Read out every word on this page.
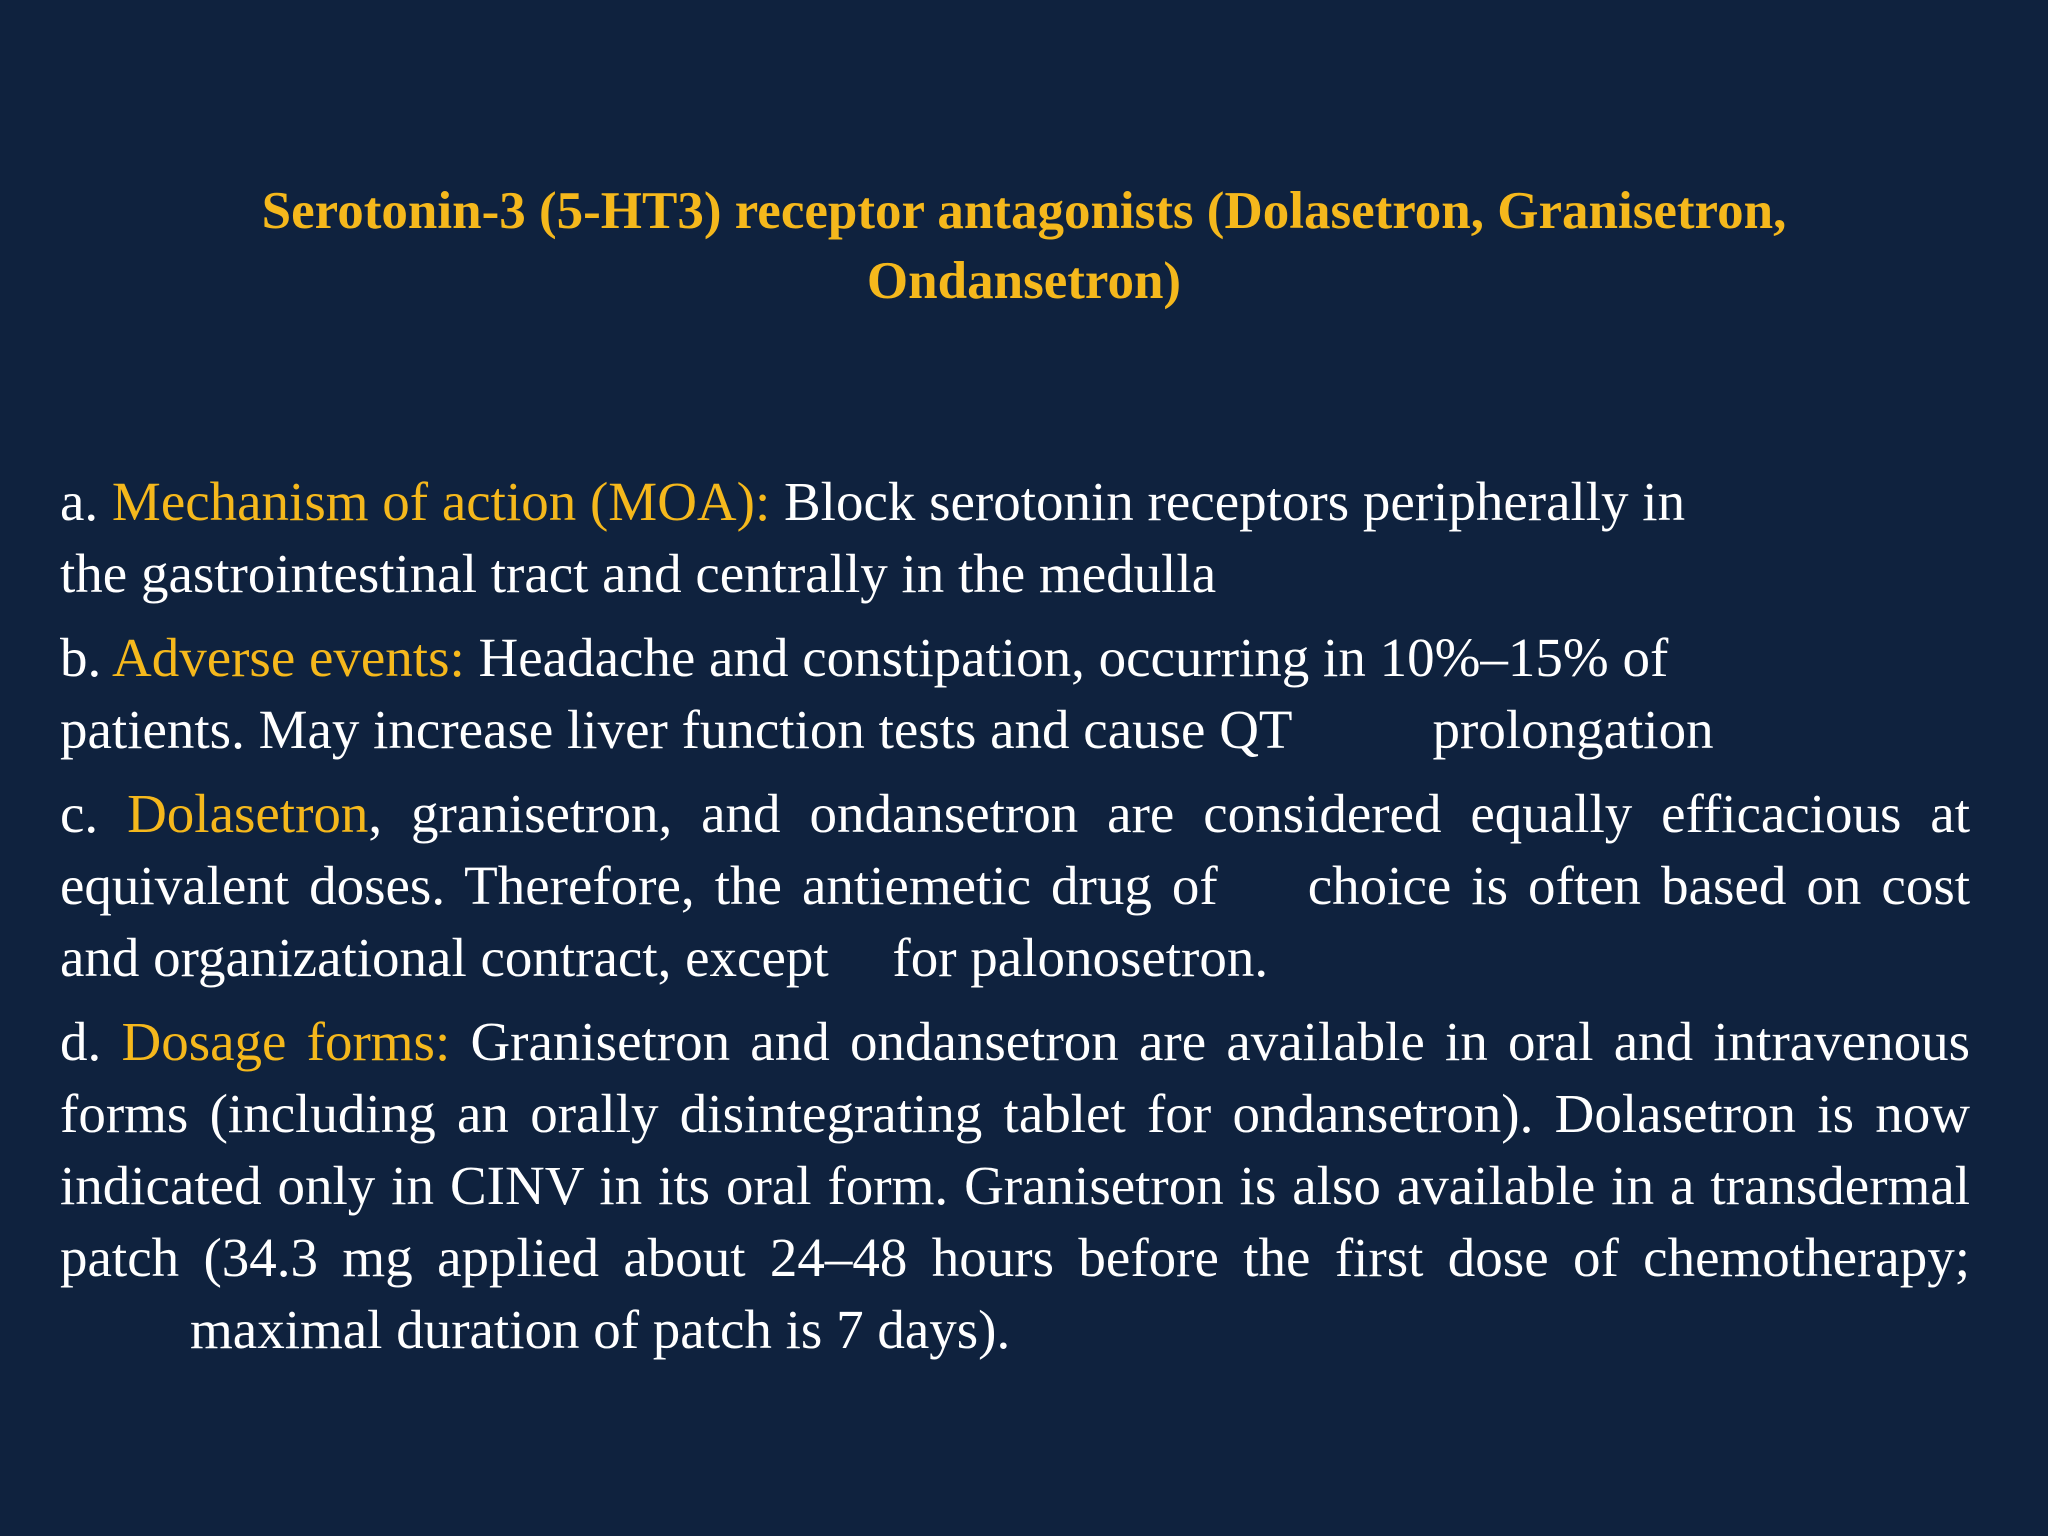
Serotonin-3 (5-HT3) receptor antagonists (Dolasetron, Granisetron,
Ondansetron)

a. Mechanism of action (MOA): Block serotonin receptors peripherally in
the gastrointestinal tract and centrally in the medulla

b. Adverse events: Headache and constipation, occurring in 10%–15% of
patients. May increase liver function tests and cause QT	prolongation

c. Dolasetron, granisetron, and ondansetron are considered equally efficacious at equivalent doses. Therefore, the antiemetic drug of choice is often based on cost and organizational contract, except for palonosetron.

d. Dosage forms: Granisetron and ondansetron are available in oral and intravenous forms (including an orally disintegrating tablet for ondansetron). Dolasetron is now indicated only in CINV in its oral form. Granisetron is also available in a transdermal patch (34.3 mg applied about 24–48 hours before the first dose of chemotherapy; maximal duration of patch is 7 days).
